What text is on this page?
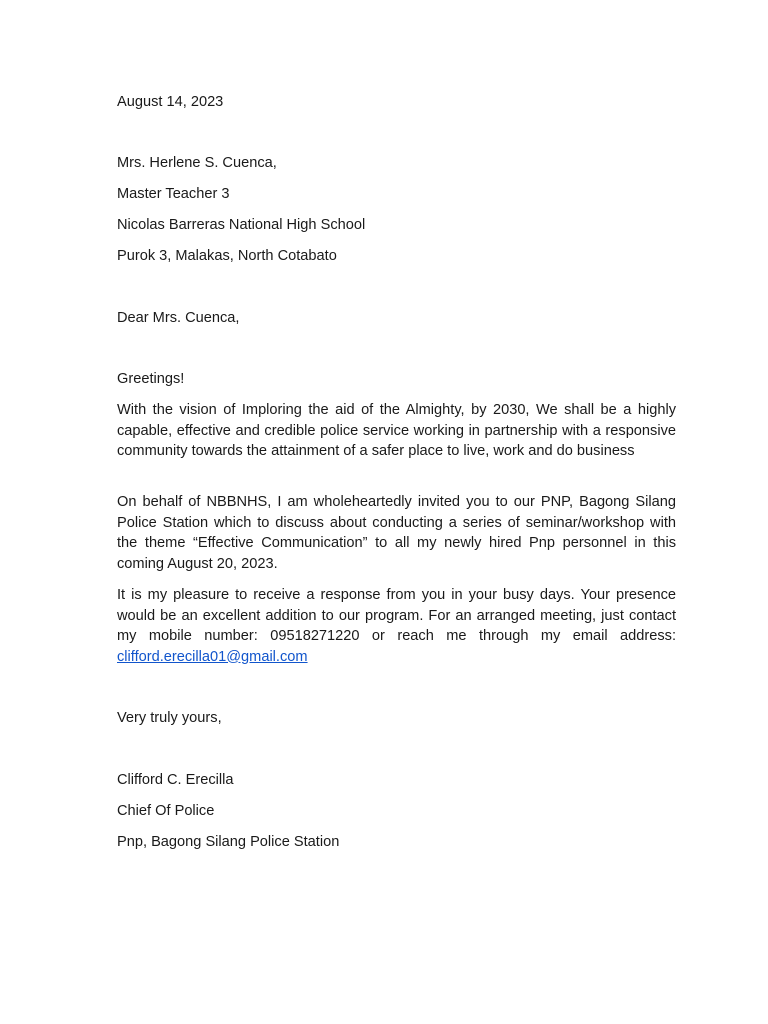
August 14, 2023
Mrs. Herlene S. Cuenca,
Master Teacher 3
Nicolas Barreras National High School
Purok 3, Malakas, North Cotabato
Dear Mrs. Cuenca,
Greetings!

With the vision of Imploring the aid of the Almighty, by 2030, We shall be a highly capable, effective and credible police service working in partnership with a responsive community towards the attainment of a safer place to live, work and do business

On behalf of NBBNHS, I am wholeheartedly invited you to our PNP, Bagong Silang Police Station which to discuss about conducting a series of seminar/workshop with the theme “Effective Communication” to all my newly hired Pnp personnel in this coming August 20, 2023.

It is my pleasure to receive a response from you in your busy days. Your presence would be an excellent addition to our program. For an arranged meeting, just contact my mobile number: 09518271220 or reach me through my email address: clifford.erecilla01@gmail.com

Very truly yours,
Clifford C. Erecilla
Chief Of Police
Pnp, Bagong Silang Police Station
